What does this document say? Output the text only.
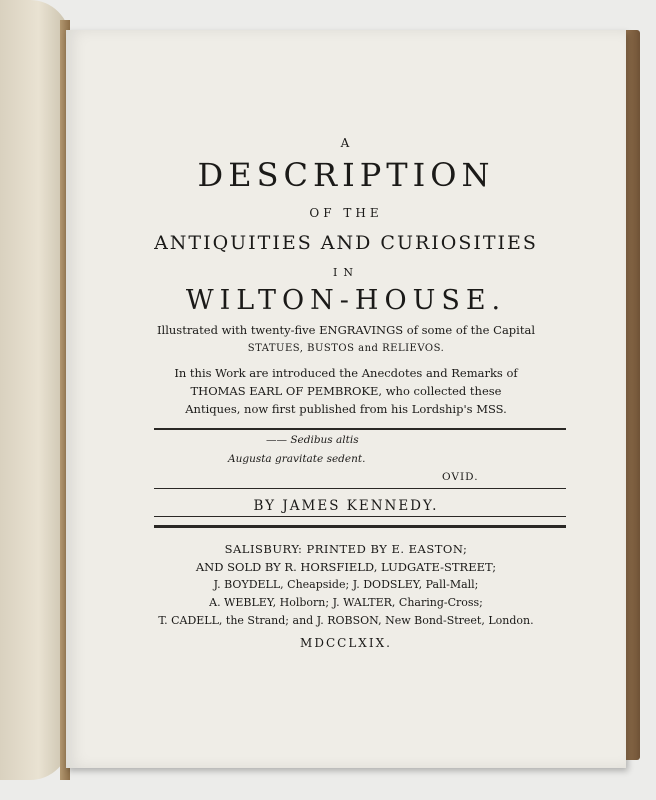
A
DESCRIPTION
OF THE
ANTIQUITIES AND CURIOSITIES
IN
WILTON-HOUSE.
Illustrated with twenty-five ENGRAVINGS of some of the Capital
STATUES, BUSTOS and RELIEVOS.
In this Work are introduced the Anecdotes and Remarks of
THOMAS EARL OF PEMBROKE, who collected these
Antiques, now first published from his Lordship's MSS.
—— Sedibus altis
Augusta gravitate sedent.
OVID.
BY JAMES KENNEDY.
SALISBURY: PRINTED BY E. EASTON;
AND SOLD BY R. HORSFIELD, LUDGATE-STREET;
J. BOYDELL, Cheapside; J. DODSLEY, Pall-Mall;
A. WEBLEY, Holborn; J. WALTER, Charing-Cross;
T. CADELL, the Strand; and J. ROBSON, New Bond-Street, London.
MDCCLXIX.
